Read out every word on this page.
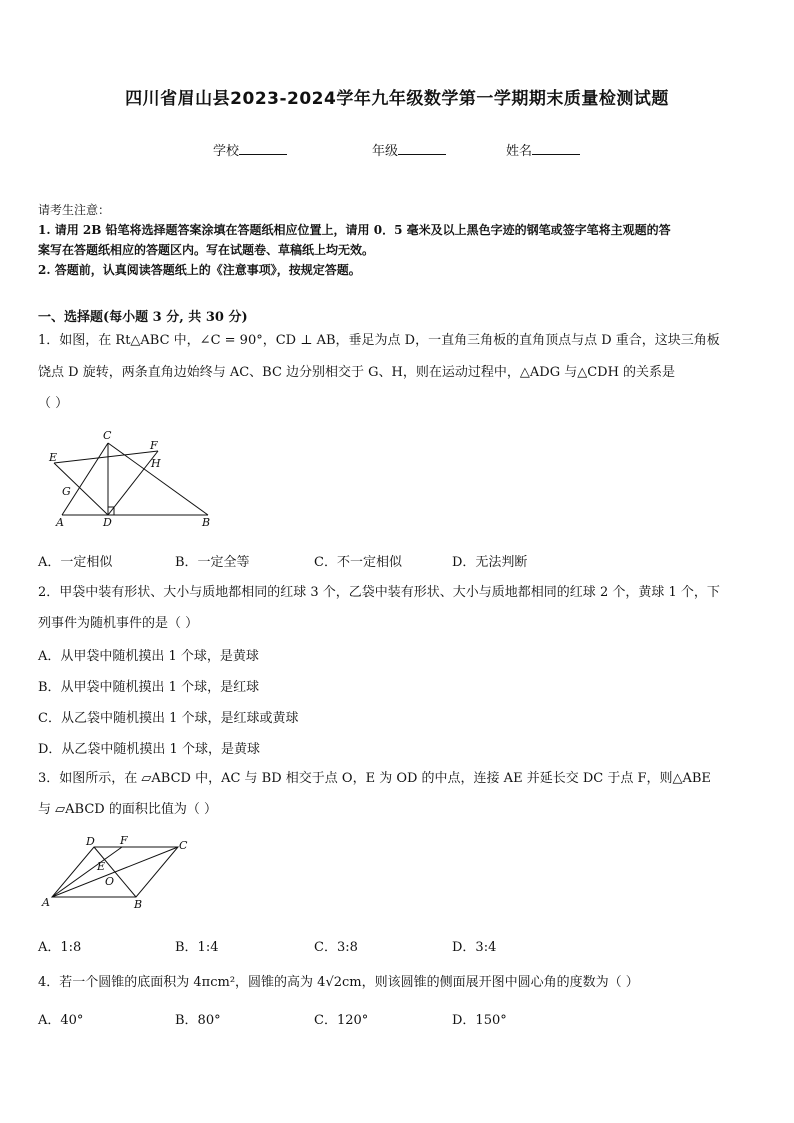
四川省眉山县2023-2024学年九年级数学第一学期期末质量检测试题
学校	年级	姓名
请考生注意：
1. 请用 2B 铅笔将选择题答案涂填在答题纸相应位置上，请用 0．5 毫米及以上黑色字迹的钢笔或签字笔将主观题的答
案写在答题纸相应的答题区内。写在试题卷、草稿纸上均无效。
2. 答题前，认真阅读答题纸上的《注意事项》，按规定答题。
一、选择题(每小题 3 分, 共 30 分)
1．如图，在 Rt△ABC 中，∠C = 90°，CD ⊥ AB，垂足为点 D，一直角三角板的直角顶点与点 D 重合，这块三角板
饶点 D 旋转，两条直角边始终与 AC、BC 边分别相交于 G、H，则在运动过程中，△ADG 与△CDH 的关系是
（ ）
C
F
E	H
G
A	D	B
A．一定相似	B．一定全等	C．不一定相似	D．无法判断
2．甲袋中装有形状、大小与质地都相同的红球 3 个，乙袋中装有形状、大小与质地都相同的红球 2 个，黄球 1 个，下
列事件为随机事件的是（ ）
A．从甲袋中随机摸出 1 个球，是黄球
B．从甲袋中随机摸出 1 个球，是红球
C．从乙袋中随机摸出 1 个球，是红球或黄球
D．从乙袋中随机摸出 1 个球，是黄球
3．如图所示，在 ▱ABCD 中，AC 与 BD 相交于点 O，E 为 OD 的中点，连接 AE 并延长交 DC 于点 F，则△ABE
与 ▱ABCD 的面积比值为（ ）
D F	C
E
O
A	B
A．1:8	B．1:4	C．3:8	D．3:4
4．若一个圆锥的底面积为 4πcm²，圆锥的高为 4√2cm，则该圆锥的侧面展开图中圆心角的度数为（ ）
A．40°	B．80°	C．120°	D．150°
